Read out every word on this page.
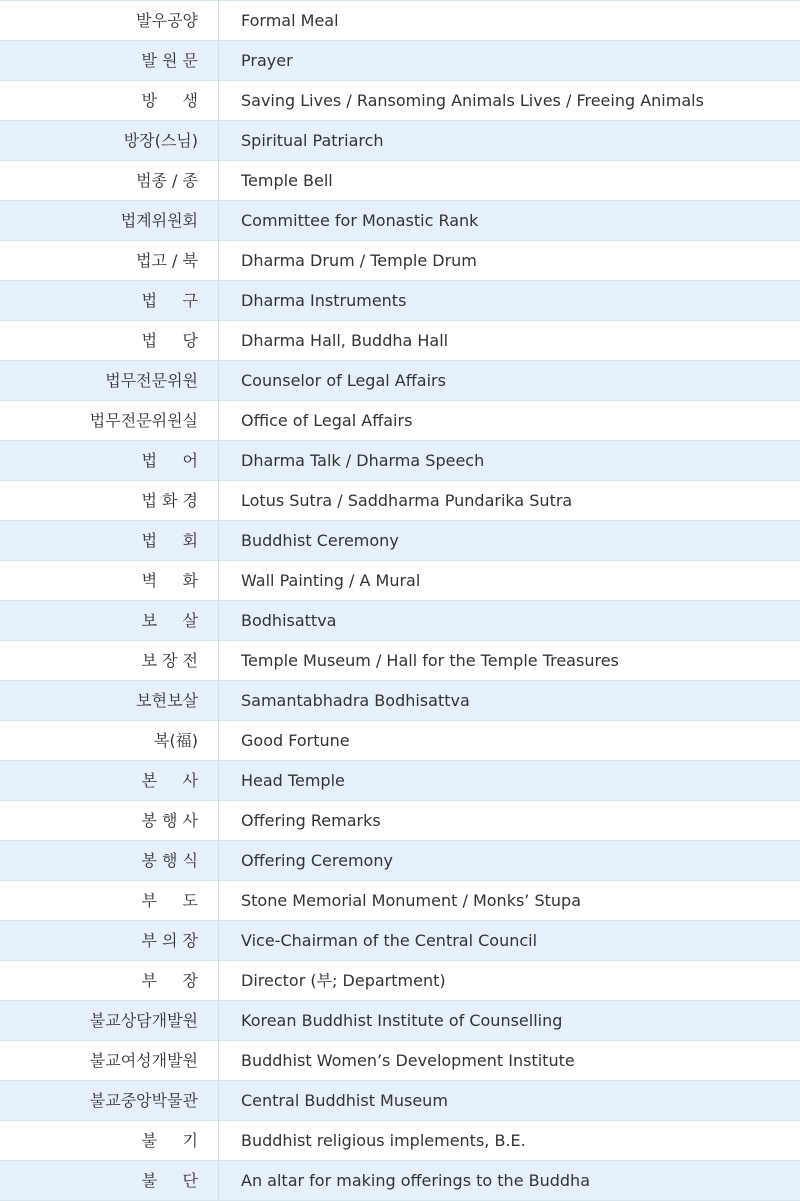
발우공양	Formal Meal
발 원 문	Prayer
방     생	Saving Lives / Ransoming Animals Lives / Freeing Animals
방장(스님)	Spiritual Patriarch
범종 / 종	Temple Bell
법계위원회	Committee for Monastic Rank
법고 / 북	Dharma Drum / Temple Drum
법     구	Dharma Instruments
법     당	Dharma Hall, Buddha Hall
법무전문위원	Counselor of Legal Affairs
법무전문위원실	Office of Legal Affairs
법     어	Dharma Talk / Dharma Speech
법 화 경	Lotus Sutra / Saddharma Pundarika Sutra
법     회	Buddhist Ceremony
벽     화	Wall Painting / A Mural
보     살	Bodhisattva
보 장 전	Temple Museum / Hall for the Temple Treasures
보현보살	Samantabhadra Bodhisattva
복(福)	Good Fortune
본     사	Head Temple
봉 행 사	Offering Remarks
봉 행 식	Offering Ceremony
부     도	Stone Memorial Monument / Monks’ Stupa
부 의 장	Vice-Chairman of the Central Council
부     장	Director (부; Department)
불교상담개발원	Korean Buddhist Institute of Counselling
불교여성개발원	Buddhist Women’s Development Institute
불교중앙박물관	Central Buddhist Museum
불     기	Buddhist religious implements, B.E.
불     단	An altar for making offerings to the Buddha
